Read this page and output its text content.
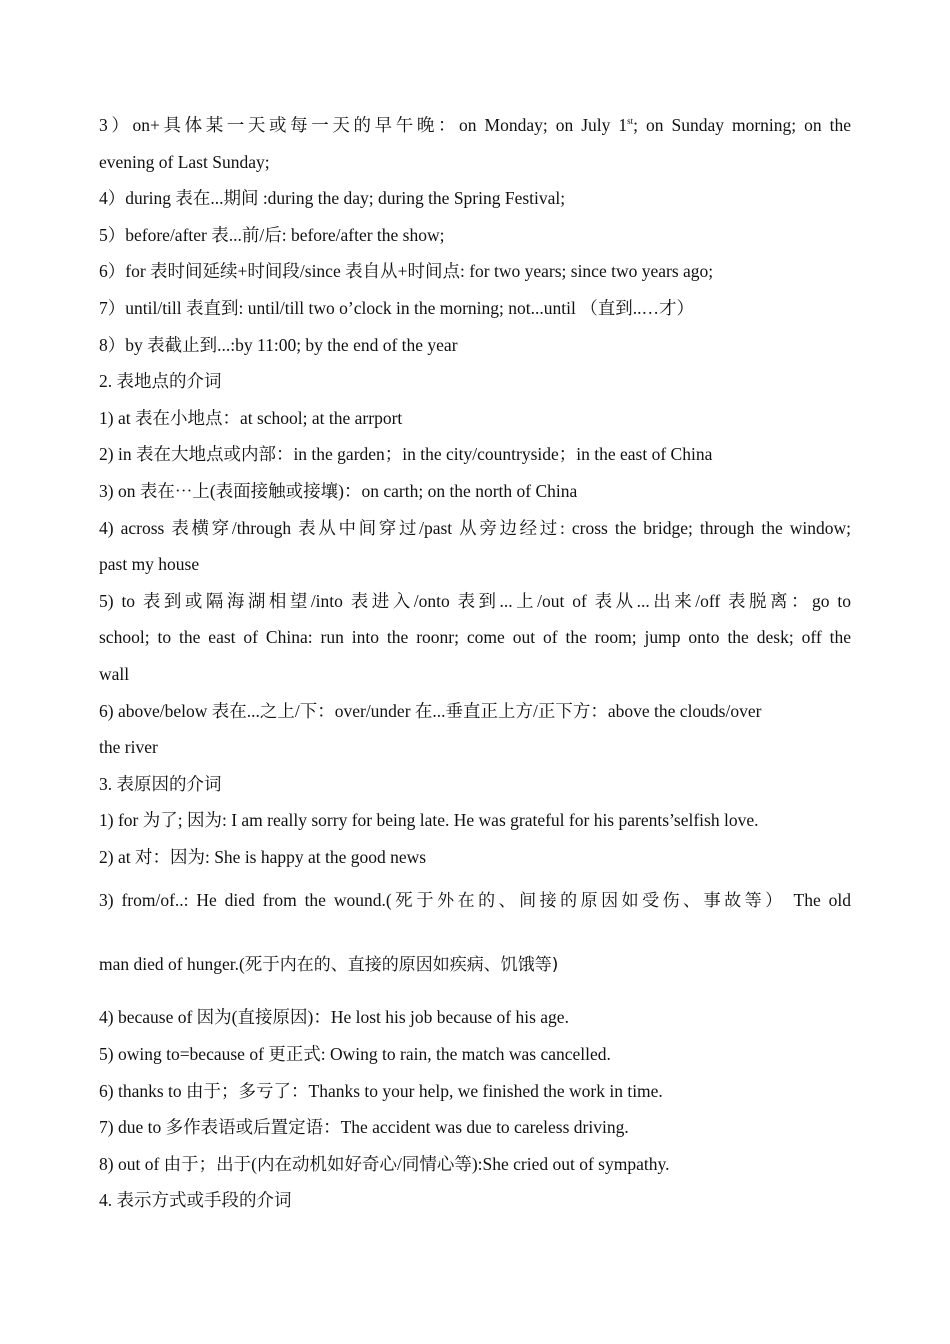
3）on+具体某一天或每一天的早午晚：on Monday; on July 1st; on Sunday morning; on the
evening of Last Sunday;
4）during 表在...期间 :during the day; during the Spring Festival;
5）before/after 表...前/后: before/after the show;
6）for 表时间延续+时间段/since 表自从+时间点: for two years; since two years ago;
7）until/till 表直到: until/till two o’clock in the morning; not...until （直到..…才）
8）by 表截止到...:by 11:00; by the end of the year
2. 表地点的介词
1) at 表在小地点：at school; at the arrport
2) in 表在大地点或内部：in the garden；in the city/countryside；in the east of China
3) on 表在⋯上(表面接触或接壤)：on carth; on the north of China
4) across 表横穿/through 表从中间穿过/past 从旁边经过: cross the bridge; through the window;
past my house
5) to 表到或隔海湖相望/into 表进入/onto 表到...上/out of 表从...出来/off 表脱离：go to
school; to the east of China: run into the roonr; come out of the room; jump onto the desk; off the
wall
6) above/below 表在...之上/下：over/under 在...垂直正上方/正下方：above the clouds/over
the river
3. 表原因的介词
1) for 为了; 因为: I am really sorry for being late. He was grateful for his parents’selfish love.
2) at 对：因为: She is happy at the good news
3) from/of..: He died from the wound.(死于外在的、间接的原因如受伤、事故等） The old
man died of hunger.(死于内在的、直接的原因如疾病、饥饿等)
4) because of 因为(直接原因)：He lost his job because of his age.
5) owing to=because of 更正式: Owing to rain, the match was cancelled.
6) thanks to 由于；多亏了：Thanks to your help, we finished the work in time.
7) due to 多作表语或后置定语：The accident was due to careless driving.
8) out of 由于；出于(内在动机如好奇心/同情心等):She cried out of sympathy.
4. 表示方式或手段的介词
